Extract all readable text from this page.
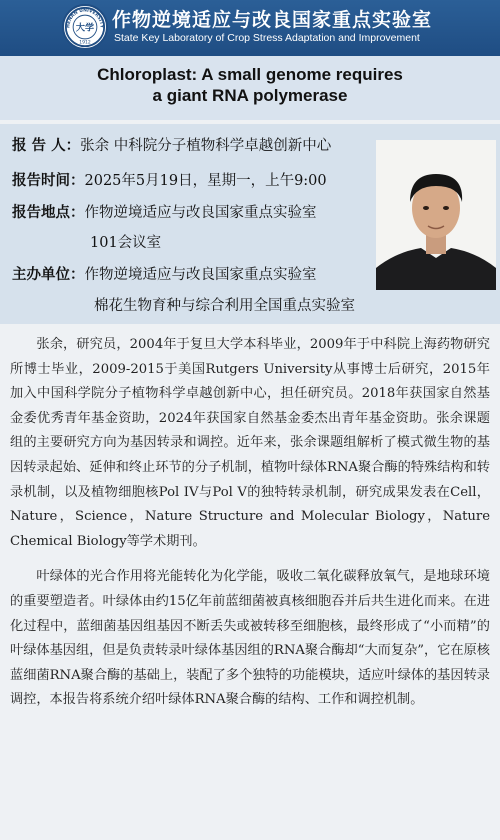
HENAN UNIVERSITY
大学
1912
作物逆境适应与改良国家重点实验室
State Key Laboratory of Crop Stress Adaptation and Improvement
Chloroplast: A small genome requires
a giant RNA polymerase
报 告 人：张余 中科院分子植物科学卓越创新中心
报告时间：2025年5月19日，星期一，上午9:00
报告地点：作物逆境适应与改良国家重点实验室
101会议室
主办单位：作物逆境适应与改良国家重点实验室
棉花生物育种与综合利用全国重点实验室

张余，研究员，2004年于复旦大学本科毕业，2009年于中科院上海药物研究所博士毕业，2009-2015于美国Rutgers University从事博士后研究，2015年加入中国科学院分子植物科学卓越创新中心，担任研究员。2018年获国家自然基金委优秀青年基金资助，2024年获国家自然基金委杰出青年基金资助。张余课题组的主要研究方向为基因转录和调控。近年来，张余课题组解析了模式微生物的基因转录起始、延伸和终止环节的分子机制，植物叶绿体RNA聚合酶的特殊结构和转录机制，以及植物细胞核Pol IV与Pol V的独特转录机制，研究成果发表在Cell，Nature，Science，Nature Structure and Molecular Biology，Nature Chemical Biology等学术期刊。

叶绿体的光合作用将光能转化为化学能，吸收二氧化碳释放氧气，是地球环境的重要塑造者。叶绿体由约15亿年前蓝细菌被真核细胞吞并后共生进化而来。在进化过程中，蓝细菌基因组基因不断丢失或被转移至细胞核，最终形成了“小而精”的叶绿体基因组，但是负责转录叶绿体基因组的RNA聚合酶却“大而复杂”，它在原核蓝细菌RNA聚合酶的基础上，装配了多个独特的功能模块，适应叶绿体的基因转录调控，本报告将系统介绍叶绿体RNA聚合酶的结构、工作和调控机制。
